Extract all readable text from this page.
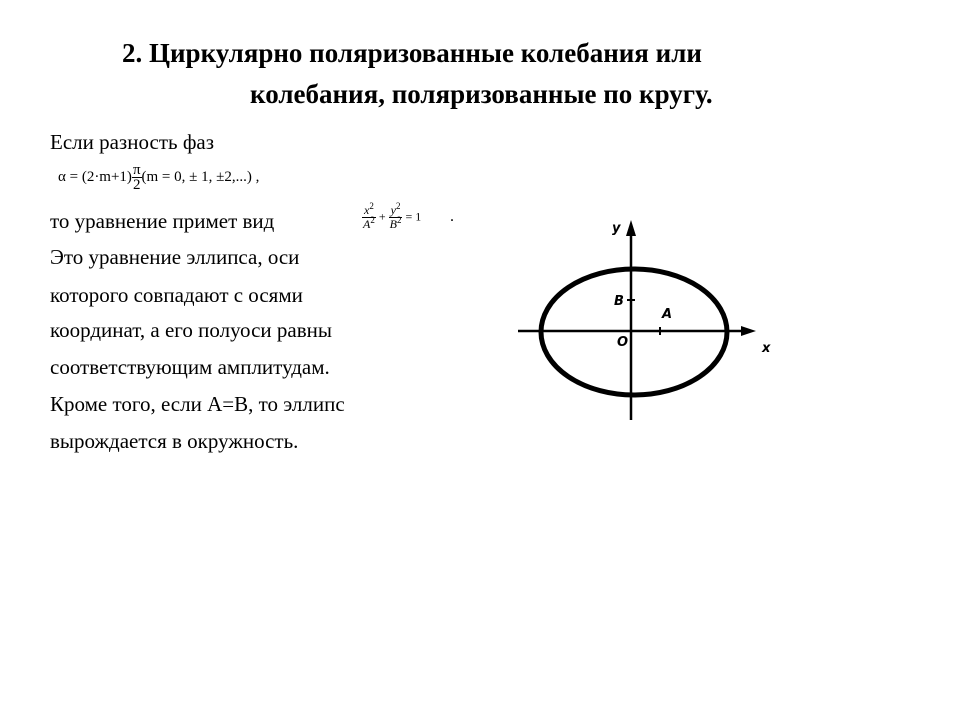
2. Циркулярно поляризованные колебания или
колебания, поляризованные по кругу.
Если разность фаз
$\alpha = (2\cdot m+1) \frac{\pi}{2} (m = 0$, ± 1, ±2,...) ,
то уравнение примет вид	$\frac{x^2}{A^2} + \frac{y^2}{B^2} = 1$ .
Это уравнение эллипса, оси
которого совпадают с осями
координат, а его полуоси равны
соответствующим амплитудам.
Кроме того, если А=В, то эллипс
вырождается в окружность.
y
x
O
B
A
